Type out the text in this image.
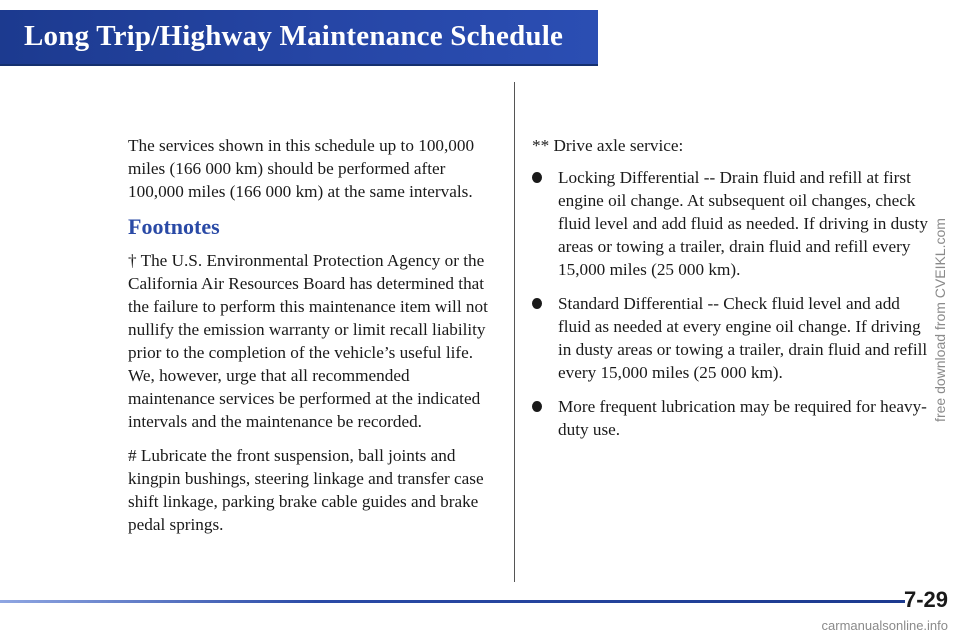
Long Trip/Highway Maintenance Schedule

The services shown in this schedule up to 100,000 miles (166 000 km) should be performed after 100,000 miles (166 000 km) at the same intervals.

Footnotes

† The U.S. Environmental Protection Agency or the California Air Resources Board has determined that the failure to perform this maintenance item will not nullify the emission warranty or limit recall liability prior to the completion of the vehicle’s useful life. We, however, urge that all recommended maintenance services be performed at the indicated intervals and the maintenance be recorded.

# Lubricate the front suspension, ball joints and kingpin bushings, steering linkage and transfer case shift linkage, parking brake cable guides and brake pedal springs.

** Drive axle service:

Locking Differential -- Drain fluid and refill at first engine oil change. At subsequent oil changes, check fluid level and add fluid as needed. If driving in dusty areas or towing a trailer, drain fluid and refill every 15,000 miles (25 000 km).
Standard Differential -- Check fluid level and add fluid as needed at every engine oil change. If driving in dusty areas or towing a trailer, drain fluid and refill every 15,000 miles (25 000 km).
More frequent lubrication may be required for heavy-duty use.
7-29
free download from CVEIKL.com
carmanualsonline.info
